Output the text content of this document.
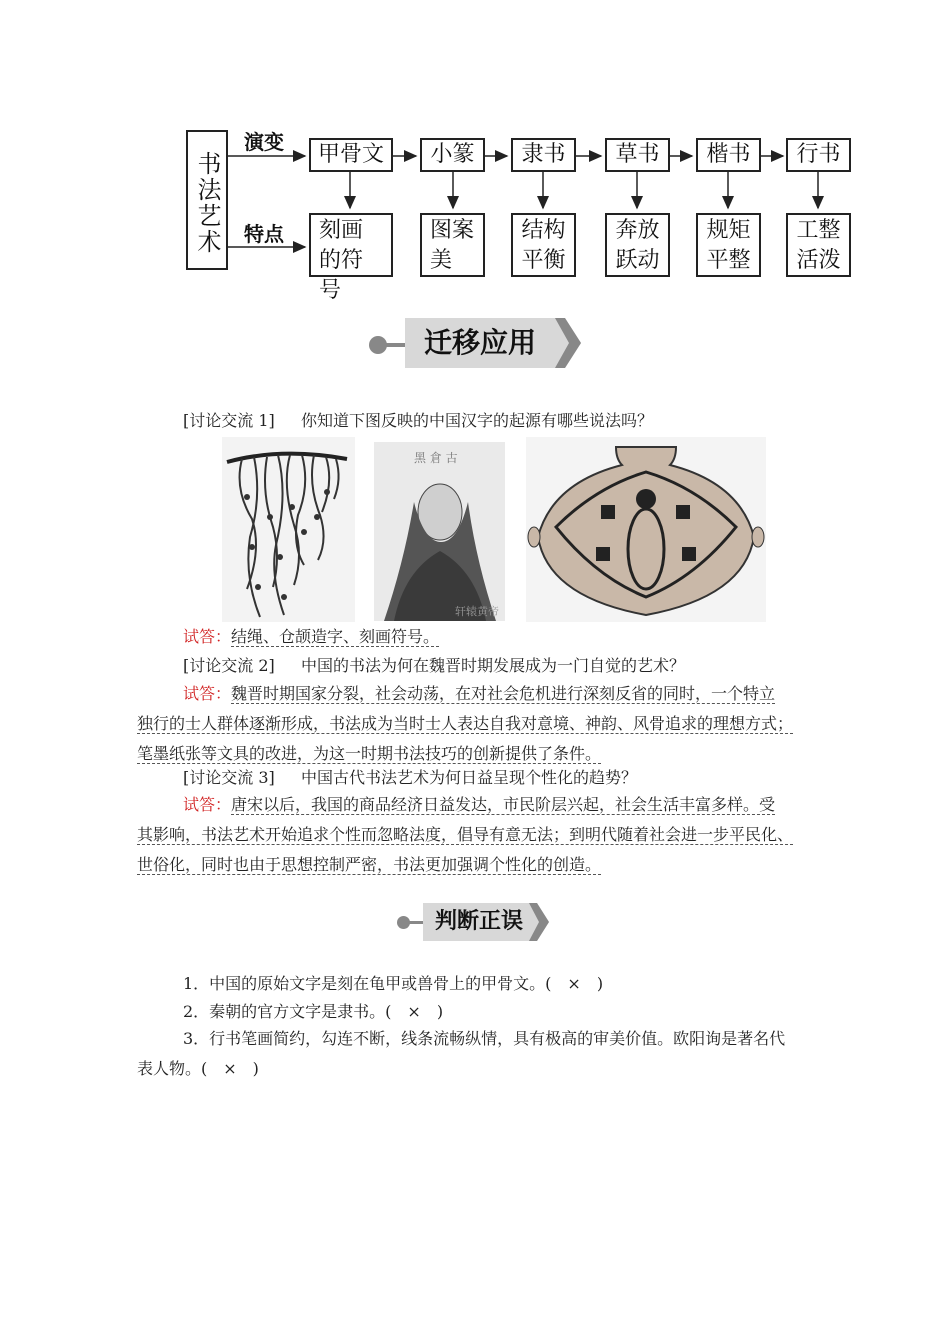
书法艺术
演变
特点
甲骨文	小篆	隶书	草书	楷书	行书
刻画的符号
图案美
结构平衡
奔放跃动
规矩平整
工整活泼
迁移应用
[讨论交流 1] 你知道下图反映的中国汉字的起源有哪些说法吗？
黑 倉 古
轩辕黄帝
试答：结绳、仓颉造字、刻画符号。
[讨论交流 2] 中国的书法为何在魏晋时期发展成为一门自觉的艺术？
试答：魏晋时期国家分裂，社会动荡，在对社会危机进行深刻反省的同时，一个特立
独行的士人群体逐渐形成，书法成为当时士人表达自我对意境、神韵、风骨追求的理想方式；
笔墨纸张等文具的改进，为这一时期书法技巧的创新提供了条件。
[讨论交流 3] 中国古代书法艺术为何日益呈现个性化的趋势？
试答：唐宋以后，我国的商品经济日益发达，市民阶层兴起，社会生活丰富多样。受
其影响，书法艺术开始追求个性而忽略法度，倡导有意无法；到明代随着社会进一步平民化、
世俗化，同时也由于思想控制严密，书法更加强调个性化的创造。
判断正误
1．中国的原始文字是刻在龟甲或兽骨上的甲骨文。(　×　)
2．秦朝的官方文字是隶书。(　×　)
3．行书笔画简约，勾连不断，线条流畅纵情，具有极高的审美价值。欧阳询是著名代
表人物。(　×　)
